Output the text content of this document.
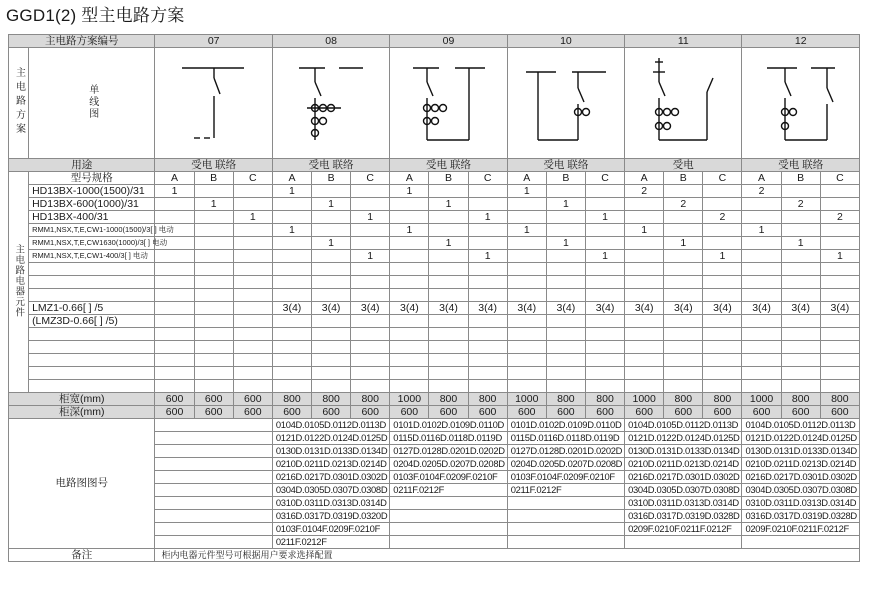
GGD1(2) 型主电路方案
主电路方案编号		07			08			09			10			11			12		
主电路方案	单线图	

用途		受电 联络			受电 联络			受电 联络			受电 联络			受电			受电 联络		
主电路电器元件	型号规格	A	B	C	A	B	C	A	B	C	A	B	C	A	B	C	A	B	C
	HD13BX-1000(1500)/31	1			1			1			1			2			2		
	HD13BX-600(1000)/31		1			1			1			1			2			2	
	HD13BX-400/31			1			1			1			1			2			2
	RMM1,NSX,T,E,CW1-1000(1500)/3[ ] 电动				1			1			1			1			1		
	RMM1,NSX,T,E,CW1630(1000)/3[ ] 电动					1			1			1			1			1	
	RMM1,NSX,T,E,CW1-400/3[ ] 电动						1			1			1			1			1

	LMZ1-0.66[ ] /5				3(4)	3(4)	3(4)	3(4)	3(4)	3(4)	3(4)	3(4)	3(4)	3(4)	3(4)	3(4)	3(4)	3(4)	3(4)
	(LMZ3D-0.66[ ] /5)																		

柜宽(mm)		600	600	600	800	800	800	1000	800	800	1000	800	800	1000	800	800	1000	800	800
柜深(mm)		600	600	600	600	600	600	600	600	600	600	600	600	600	600	600	600	600	600
电路图图号					0104D.0105D.0112D.0113D			0101D.0102D.0109D.0110D			0101D.0102D.0109D.0110D			0104D.0105D.0112D.0113D			0104D.0105D.0112D.0113D		
					0121D.0122D.0124D.0125D			0115D.0116D.0118D.0119D			0115D.0116D.0118D.0119D			0121D.0122D.0124D.0125D			0121D.0122D.0124D.0125D		
					0130D.0131D.0133D.0134D			0127D.0128D.0201D.0202D			0127D.0128D.0201D.0202D			0130D.0131D.0133D.0134D			0130D.0131D.0133D.0134D		
					0210D.0211D.0213D.0214D			0204D.0205D.0207D.0208D			0204D.0205D.0207D.0208D			0210D.0211D.0213D.0214D			0210D.0211D.0213D.0214D		
					0216D.0217D.0301D.0302D			0103F.0104F.0209F.0210F			0103F.0104F.0209F.0210F			0216D.0217D.0301D.0302D			0216D.0217D.0301D.0302D		
					0304D.0305D.0307D.0308D			0211F.0212F			0211F.0212F			0304D.0305D.0307D.0308D			0304D.0305D.0307D.0308D		
					0310D.0311D.0313D.0314D									0310D.0311D.0313D.0314D			0310D.0311D.0313D.0314D		
					0316D.0317D.0319D.0320D									0316D.0317D.0319D.0328D			0316D.0317D.0319D.0328D		
					0103F.0104F.0209F.0210F									0209F.0210F.0211F.0212F			0209F.0210F.0211F.0212F		
					0211F.0212F														
备注		柜内电器元件型号可根据用户要求选择配置																	
